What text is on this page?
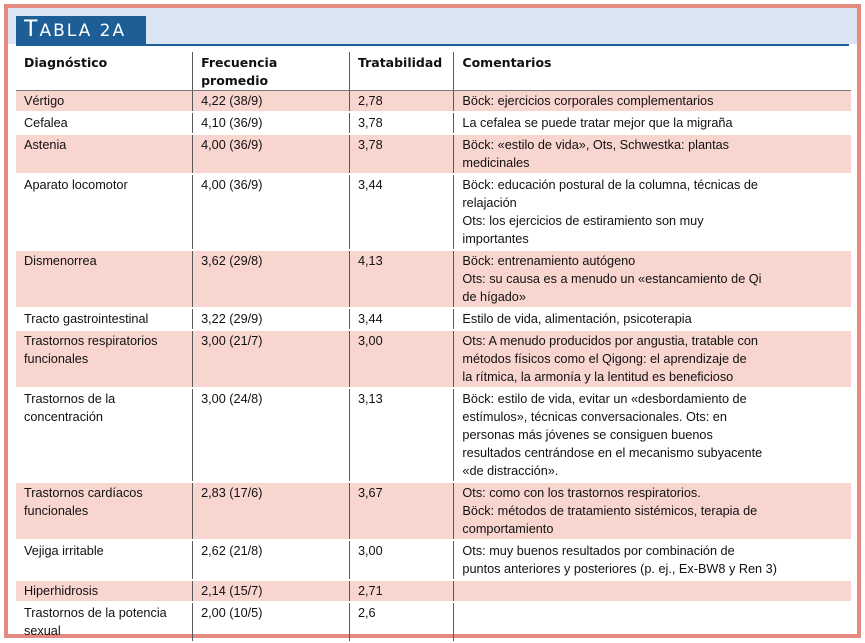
TABLA 2A
Diagnóstico	Frecuencia promedio	Tratabilidad	Comentarios

Vértigo	4,22 (38/9)	2,78	Böck: ejercicios corporales complementarios

Cefalea	4,10 (36/9)	3,78	La cefalea se puede tratar mejor que la migraña

Astenia	4,00 (36/9)	3,78	Böck: «estilo de vida», Ots, Schwestka: plantas
medicinales

Aparato locomotor	4,00 (36/9)	3,44	Böck: educación postural de la columna, técnicas de
relajación
Ots: los ejercicios de estiramiento son muy
importantes

Dismenorrea	3,62 (29/8)	4,13	Böck: entrenamiento autógeno
Ots: su causa es a menudo un «estancamiento de Qi
de hígado»

Tracto gastrointestinal	3,22 (29/9)	3,44	Estilo de vida, alimentación, psicoterapia

Trastornos respiratorios
funcionales	3,00 (21/7)	3,00	Ots: A menudo producidos por angustia, tratable con
métodos físicos como el Qigong: el aprendizaje de
la rítmica, la armonía y la lentitud es beneficioso

Trastornos de la
concentración	3,00 (24/8)	3,13	Böck: estilo de vida, evitar un «desbordamiento de
estímulos», técnicas conversacionales. Ots: en
personas más jóvenes se consiguen buenos
resultados centrándose en el mecanismo subyacente
«de distracción».

Trastornos cardíacos
funcionales	2,83 (17/6)	3,67	Ots: como con los trastornos respiratorios.
Böck: métodos de tratamiento sistémicos, terapia de
comportamiento

Vejiga irritable	2,62 (21/8)	3,00	Ots: muy buenos resultados por combinación de
puntos anteriores y posteriores (p. ej., Ex-BW8 y Ren 3)

Hiperhidrosis	2,14 (15/7)	2,71	

Trastornos de la potencia
sexual	2,00 (10/5)	2,6	
